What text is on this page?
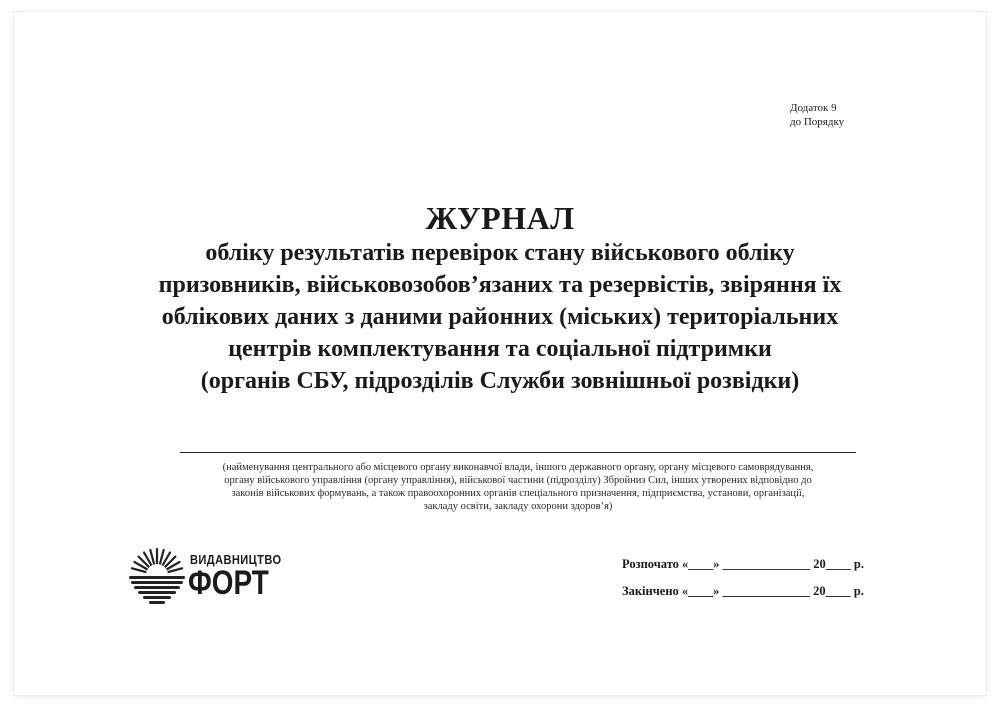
Додаток 9
до Порядку
ЖУРНАЛ
обліку результатів перевірок стану військового обліку
призовників, військовозобов’язаних та резервістів, звіряння їх
облікових даних з даними районних (міських) територіальних
центрів комплектування та соціальної підтримки
(органів СБУ, підрозділів Служби зовнішньої розвідки)
(найменування центрального або місцевого органу виконавчої влади, іншого державного органу, органу місцевого самоврядування,
органу військового управління (органу управління), військової частини (підрозділу) Збройниз Сил, інших утворених відповідно до
законів військових формувань, а також правоохоронних органів спеціального призначення, підприємства, установи, організації,
закладу освіти, закладу охорони здоров’я)
ВИДАВНИЦТВО
ФОРТ	Розпочато «____» ______________ 20____ р.
Закінчено «____» ______________ 20____ р.
